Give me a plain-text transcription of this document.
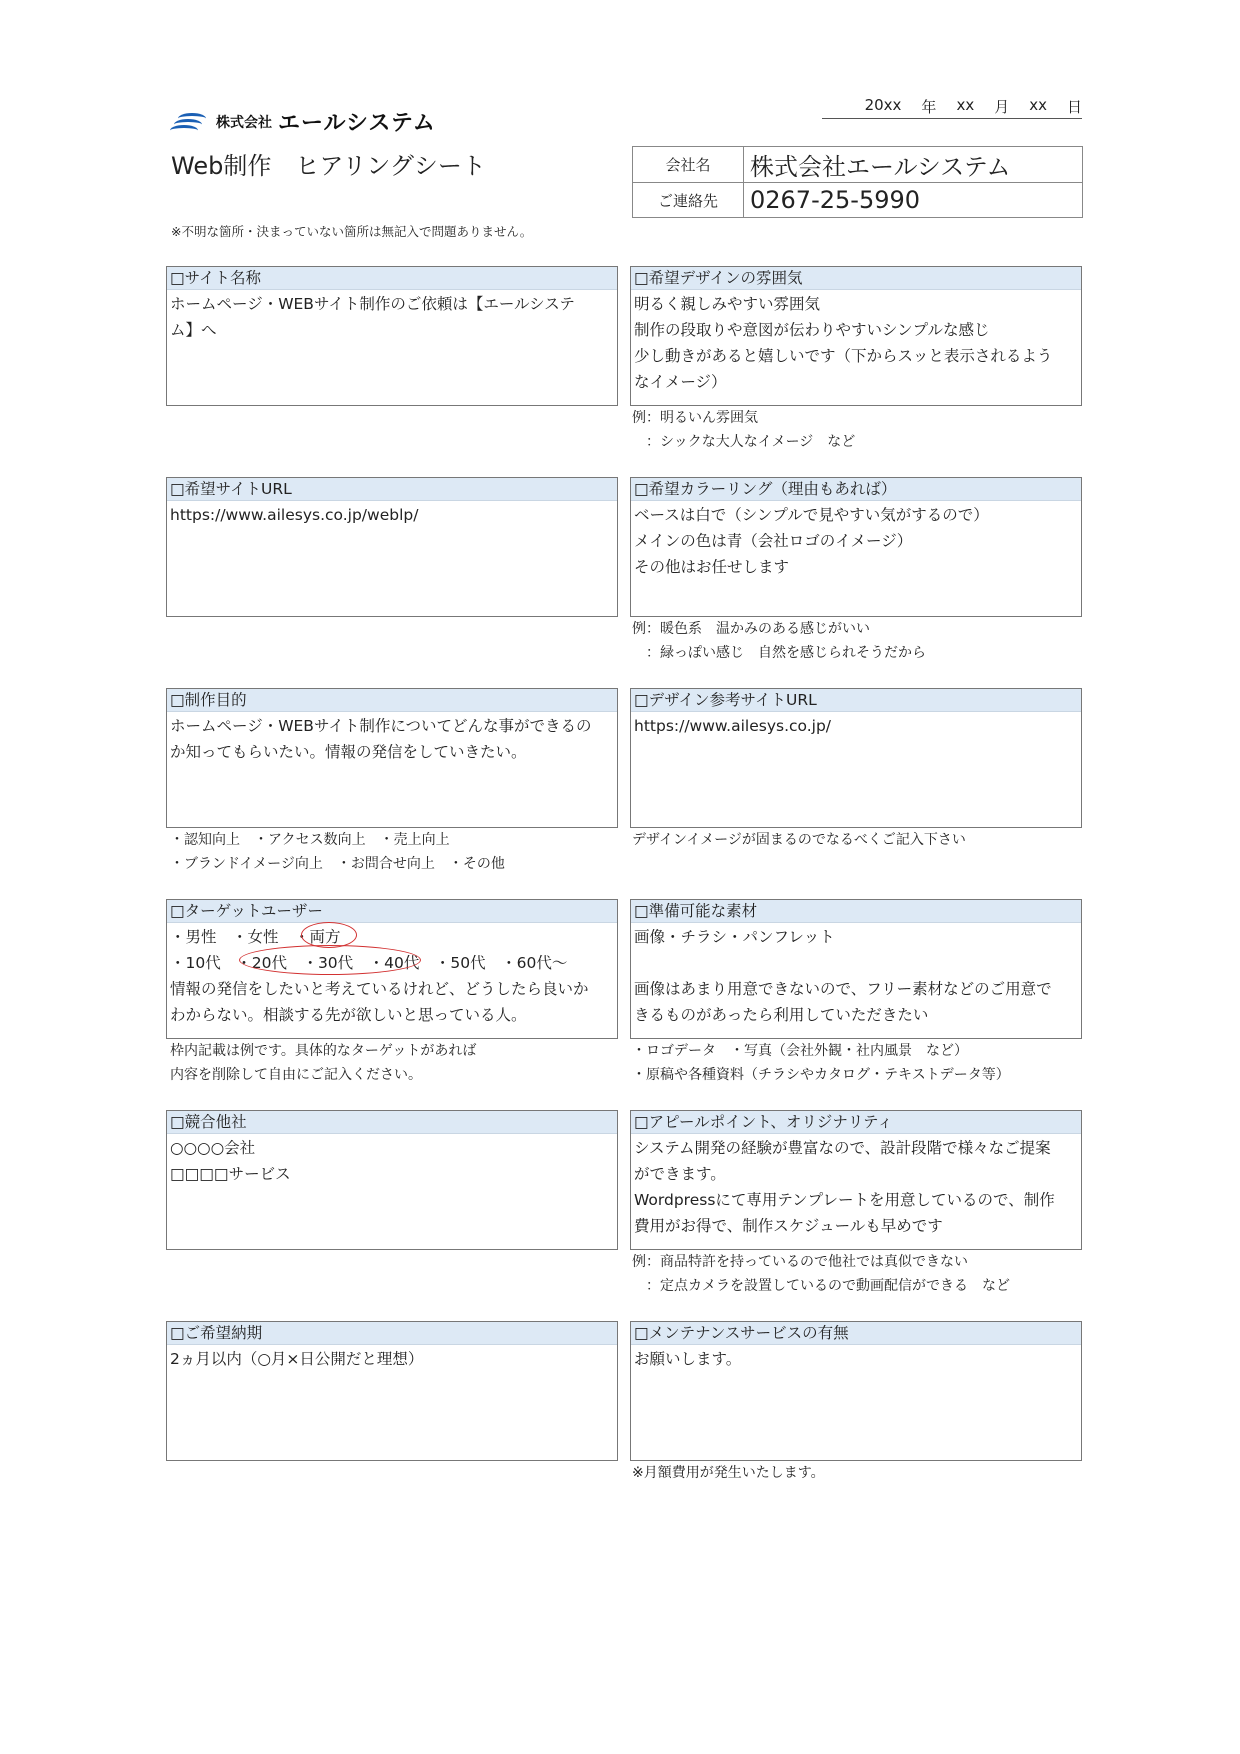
20xx 年 xx 月 xx 日
株式会社 エールシステム
Web制作　ヒアリングシート
※不明な箇所・決まっていない箇所は無記入で問題ありません。
会社名	株式会社エールシステム
ご連絡先	0267-25-5990
□サイト名称
ホームページ・WEBサイト制作のご依頼は【エールシステ
ム】へ
□希望デザインの雰囲気
明るく親しみやすい雰囲気
制作の段取りや意図が伝わりやすいシンプルな感じ
少し動きがあると嬉しいです（下からスッと表示されるよう
なイメージ）
例：明るいん雰囲気
　：シックな大人なイメージ　など
□希望サイトURL
https://www.ailesys.co.jp/weblp/
□希望カラーリング（理由もあれば）
ベースは白で（シンプルで見やすい気がするので）
メインの色は青（会社ロゴのイメージ）
その他はお任せします
例：暖色系　温かみのある感じがいい
　：緑っぽい感じ　自然を感じられそうだから
□制作目的
ホームページ・WEBサイト制作についてどんな事ができるの
か知ってもらいたい。情報の発信をしていきたい。
・認知向上　・アクセス数向上　・売上向上
・ブランドイメージ向上　・お問合せ向上　・その他
□デザイン参考サイトURL
https://www.ailesys.co.jp/
デザインイメージが固まるのでなるべくご記入下さい
□ターゲットユーザー
・男性　・女性　・両方
・10代　・20代　・30代　・40代　・50代　・60代～
情報の発信をしたいと考えているけれど、どうしたら良いか
わからない。相談する先が欲しいと思っている人。
枠内記載は例です。具体的なターゲットがあれば
内容を削除して自由にご記入ください。
□準備可能な素材
画像・チラシ・パンフレット
画像はあまり用意できないので、フリー素材などのご用意で
きるものがあったら利用していただきたい
・ロゴデータ　・写真（会社外観・社内風景　など）
・原稿や各種資料（チラシやカタログ・テキストデータ等）
□競合他社
○○○○会社
□□□□サービス
□アピールポイント、オリジナリティ
システム開発の経験が豊富なので、設計段階で様々なご提案
ができます。
Wordpressにて専用テンプレートを用意しているので、制作
費用がお得で、制作スケジュールも早めです
例：商品特許を持っているので他社では真似できない
　：定点カメラを設置しているので動画配信ができる　など
□ご希望納期
2ヵ月以内（○月×日公開だと理想）
□メンテナンスサービスの有無
お願いします。
※月額費用が発生いたします。
